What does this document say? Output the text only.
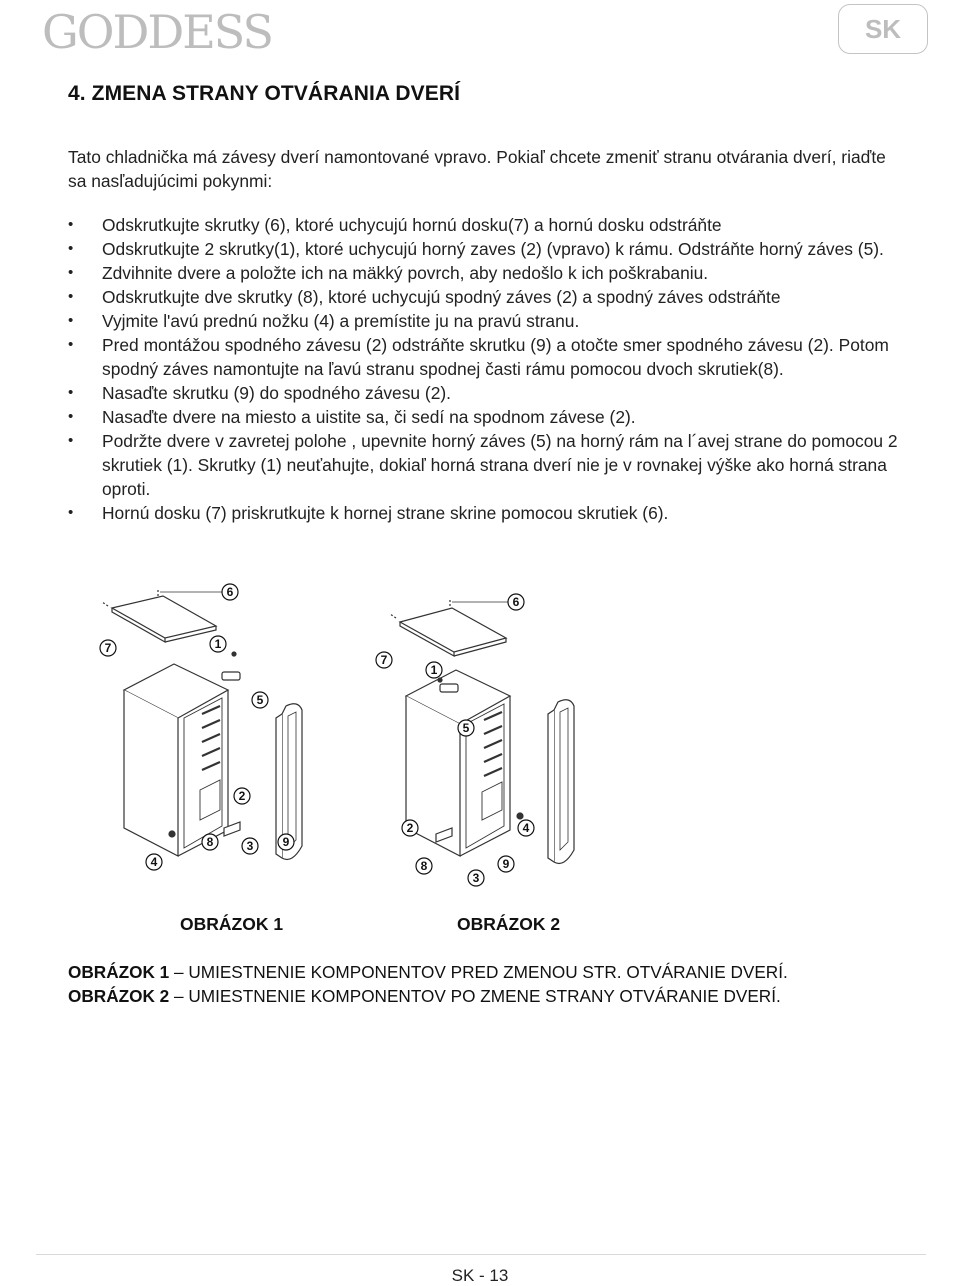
GODDESS	SK
4. ZMENA STRANY OTVÁRANIA DVERÍ

Tato chladnička má závesy dverí namontované vpravo. Pokiaľ chcete zmeniť stranu otvárania dverí, riaďte sa nasľadujúcimi pokynmi:

• Odskrutkujte skrutky (6), ktoré uchycujú hornú dosku(7) a hornú dosku odstráňte
• Odskrutkujte 2 skrutky(1), ktoré uchycujú horný zaves (2) (vpravo) k rámu. Odstráňte horný záves (5).
• Zdvihnite dvere a položte ich na mäkký povrch, aby nedošlo k ich poškrabaniu.
• Odskrutkujte dve skrutky (8), ktoré uchycujú spodný záves (2) a spodný záves odstráňte
• Vyjmite l'avú prednú nožku (4) a premístite ju na pravú stranu.
• Pred montážou spodného závesu (2) odstráňte skrutku (9) a otočte smer spodného závesu (2). Potom spodný záves namontujte na ľavú stranu spodnej časti rámu pomocou dvoch skrutiek(8).
• Nasaďte skrutku (9) do spodného závesu (2).
• Nasaďte dvere na miesto a uistite sa, či sedí na spodnom závese (2).
• Podržte dvere v zavretej polohe , upevnite horný záves (5) na horný rám na l´avej strane do pomocou 2 skrutiek (1). Skrutky (1) neuťahujte, dokiaľ horná strana dverí nie je v rovnakej výške ako horná strana oproti.
• Hornú dosku (7) priskrutkujte k hornej strane skrine pomocou skrutiek (6).
6
7	1
5
2
8	3 9
4
6
7
1
5
2
8
3
9
4

OBRÁZOK 1	OBRÁZOK 2

OBRÁZOK 1 – UMIESTNENIE KOMPONENTOV PRED ZMENOU STR. OTVÁRANIE DVERÍ.
OBRÁZOK 2 – UMIESTNENIE KOMPONENTOV PO ZMENE STRANY OTVÁRANIE DVERÍ.
SK - 13
